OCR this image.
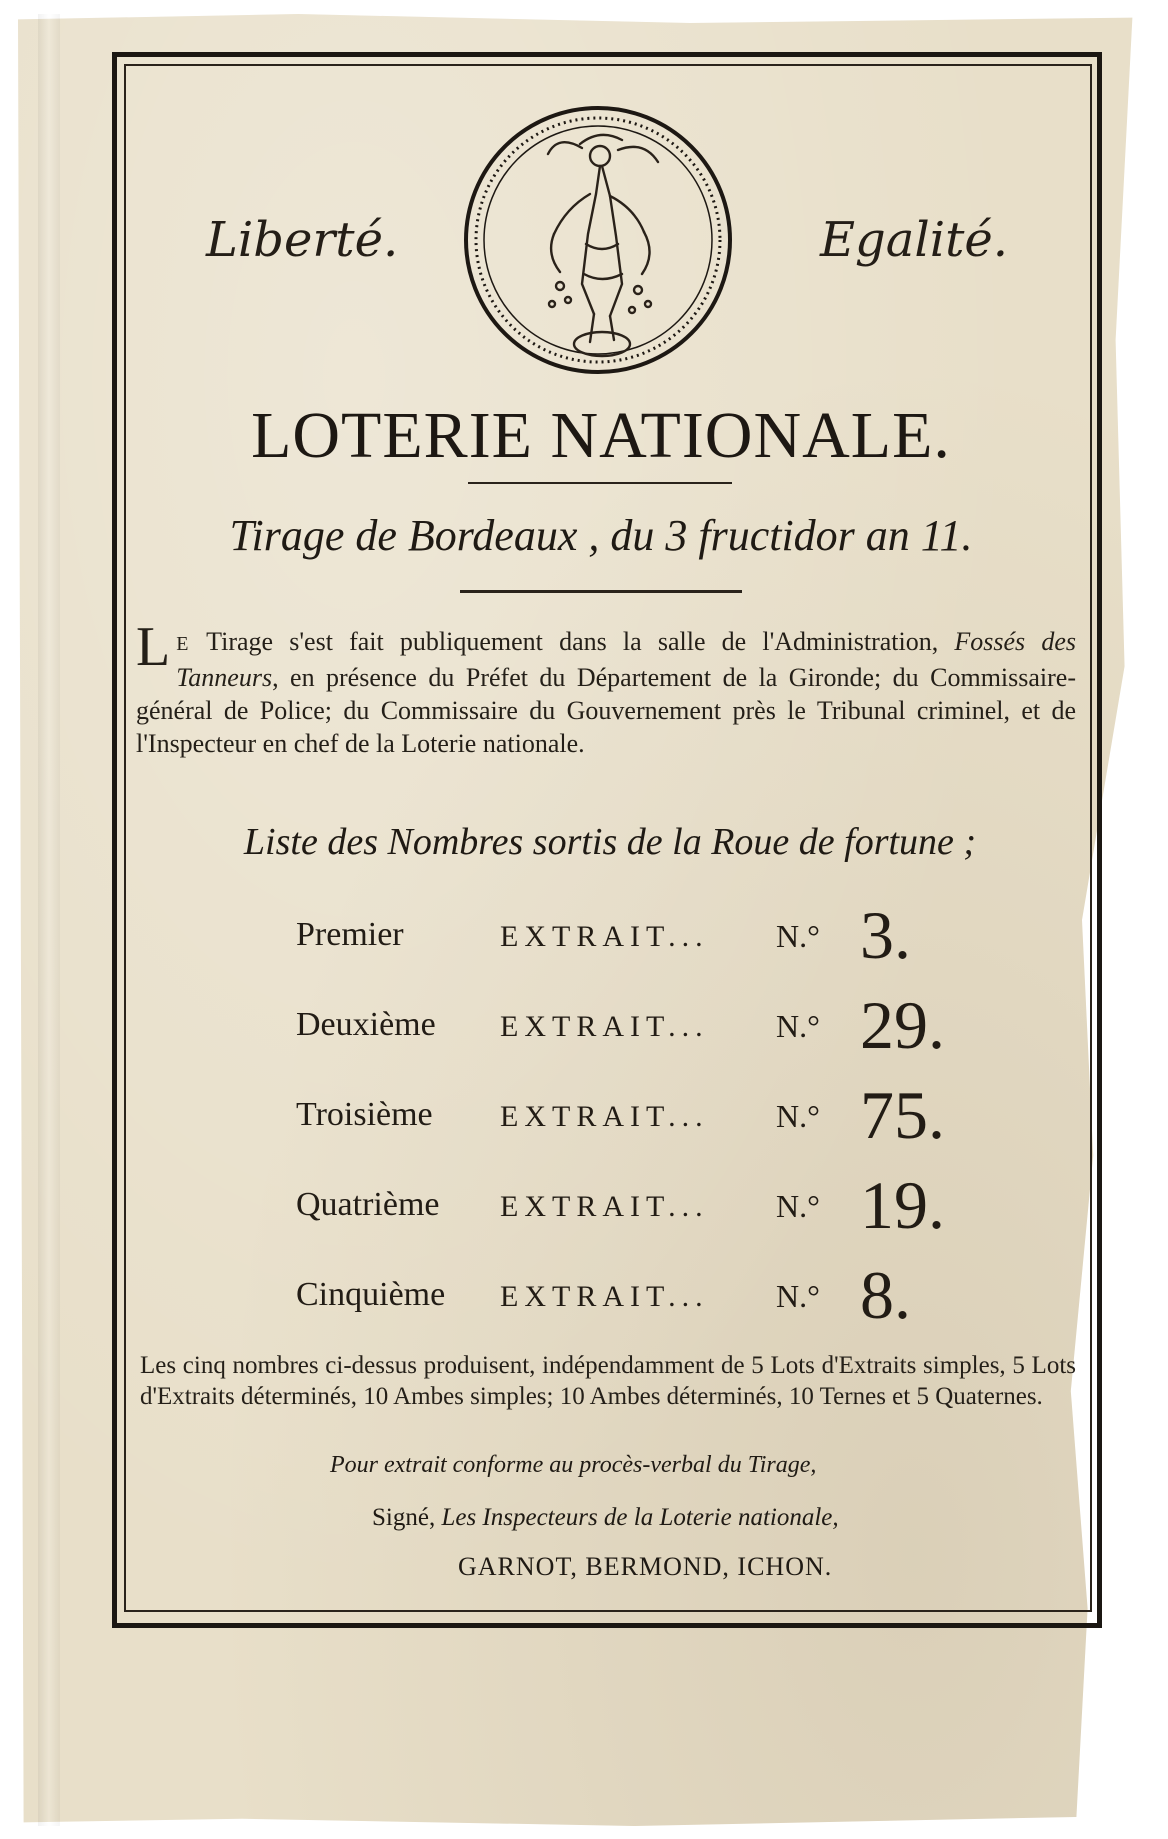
Liberté.	Egalité.
LOTERIE NATIONALE.
Tirage de Bordeaux , du 3 fructidor an 11.
L E Tirage s'est fait publiquement dans la salle de l'Administration, Fossés des Tanneurs, en présence du Préfet du Département de la Gironde; du Commissaire-général de Police; du Commissaire du Gouvernement près le Tribunal criminel, et de l'Inspecteur en chef de la Loterie nationale.
Liste des Nombres sortis de la Roue de fortune ;
Premier	EXTRAIT... N.° 3.
Deuxième EXTRAIT... N.° 29.
Troisième EXTRAIT... N.° 75.
Quatrième EXTRAIT... N.° 19.
Cinquième EXTRAIT... N.° 8.
Les cinq nombres ci-dessus produisent, indépendamment de 5 Lots d'Extraits simples, 5 Lots d'Extraits déterminés, 10 Ambes simples; 10 Ambes déterminés, 10 Ternes et 5 Quaternes.
Pour extrait conforme au procès-verbal du Tirage,
Signé, Les Inspecteurs de la Loterie nationale,
GARNOT, BERMOND, ICHON.
